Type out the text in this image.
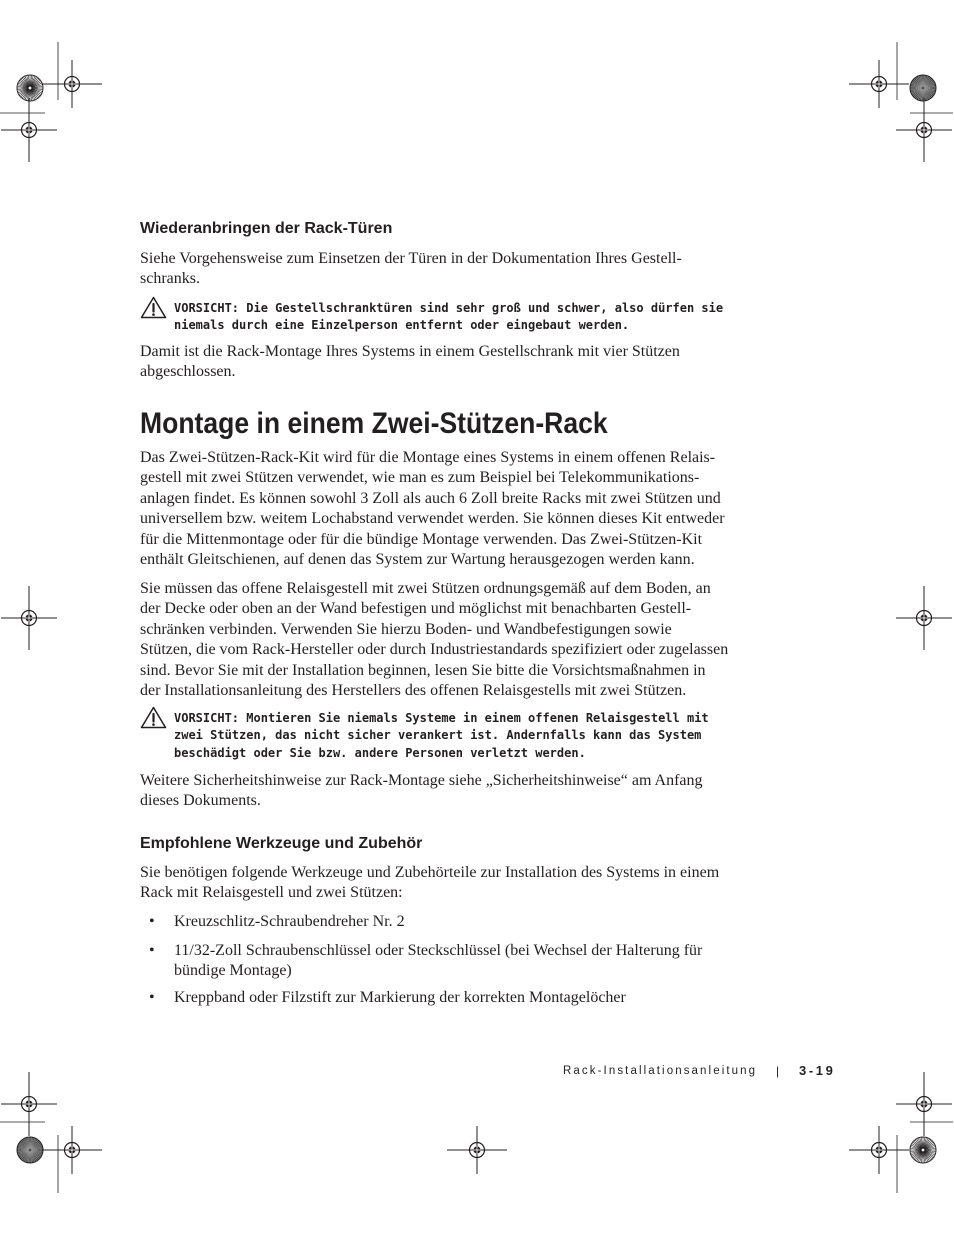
Wiederanbringen der Rack-Türen
Siehe Vorgehensweise zum Einsetzen der Türen in der Dokumentation Ihres Gestell-
schranks.
VORSICHT: Die Gestellschranktüren sind sehr groß und schwer, also dürfen sie
niemals durch eine Einzelperson entfernt oder eingebaut werden.
Damit ist die Rack-Montage Ihres Systems in einem Gestellschrank mit vier Stützen
abgeschlossen.
Montage in einem Zwei-Stützen-Rack
Das Zwei-Stützen-Rack-Kit wird für die Montage eines Systems in einem offenen Relais-
gestell mit zwei Stützen verwendet, wie man es zum Beispiel bei Telekommunikations-
anlagen findet. Es können sowohl 3 Zoll als auch 6 Zoll breite Racks mit zwei Stützen und
universellem bzw. weitem Lochabstand verwendet werden. Sie können dieses Kit entweder
für die Mittenmontage oder für die bündige Montage verwenden. Das Zwei-Stützen-Kit
enthält Gleitschienen, auf denen das System zur Wartung herausgezogen werden kann.
Sie müssen das offene Relaisgestell mit zwei Stützen ordnungsgemäß auf dem Boden, an
der Decke oder oben an der Wand befestigen und möglichst mit benachbarten Gestell-
schränken verbinden. Verwenden Sie hierzu Boden- und Wandbefestigungen sowie
Stützen, die vom Rack-Hersteller oder durch Industriestandards spezifiziert oder zugelassen
sind. Bevor Sie mit der Installation beginnen, lesen Sie bitte die Vorsichtsmaßnahmen in
der Installationsanleitung des Herstellers des offenen Relaisgestells mit zwei Stützen.
VORSICHT: Montieren Sie niemals Systeme in einem offenen Relaisgestell mit
zwei Stützen, das nicht sicher verankert ist. Andernfalls kann das System
beschädigt oder Sie bzw. andere Personen verletzt werden.
Weitere Sicherheitshinweise zur Rack-Montage siehe „Sicherheitshinweise“ am Anfang
dieses Dokuments.
Empfohlene Werkzeuge und Zubehör
Sie benötigen folgende Werkzeuge und Zubehörteile zur Installation des Systems in einem
Rack mit Relaisgestell und zwei Stützen:
• Kreuzschlitz-Schraubendreher Nr. 2
• 11/32-Zoll Schraubenschlüssel oder Steckschlüssel (bei Wechsel der Halterung für
bündige Montage)
• Kreppband oder Filzstift zur Markierung der korrekten Montagelöcher
Rack-Installationsanleitung | 3-19
